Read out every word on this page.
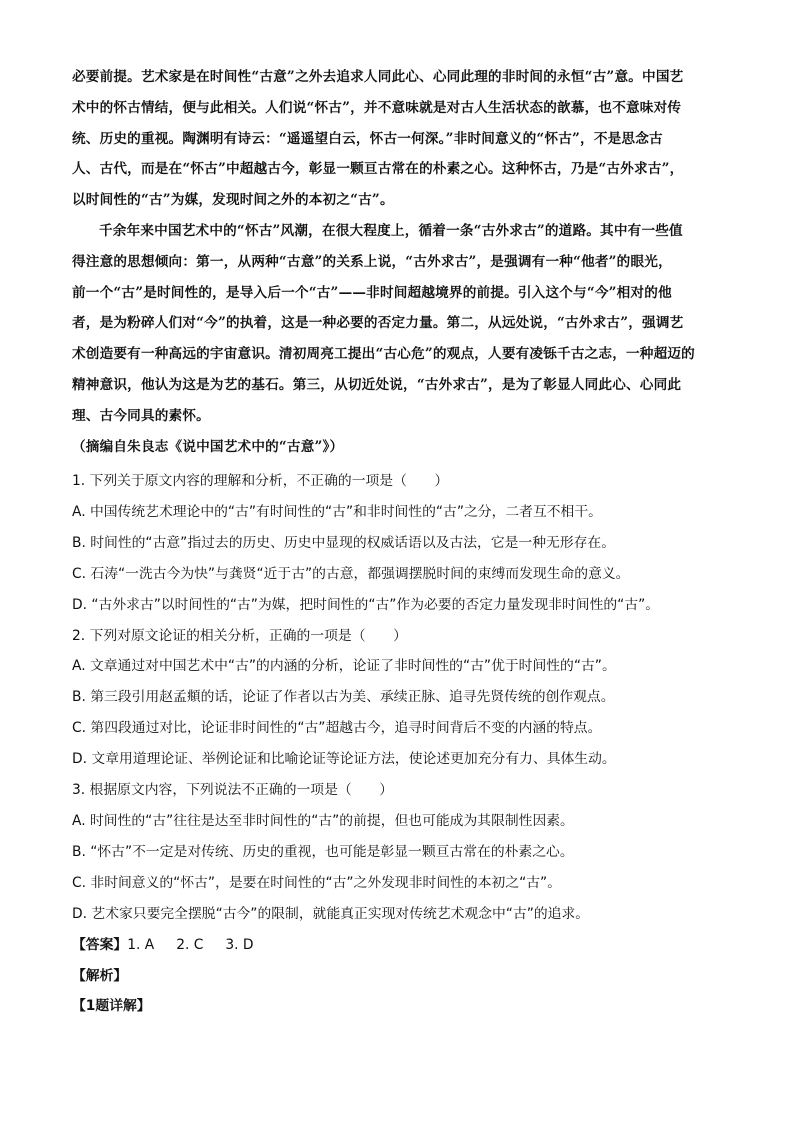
必要前提。艺术家是在时间性“古意”之外去追求人同此心、心同此理的非时间的永恒“古”意。中国艺
术中的怀古情结，便与此相关。人们说“怀古”，并不意味就是对古人生活状态的歆慕，也不意味对传
统、历史的重视。陶渊明有诗云：“遥遥望白云，怀古一何深。”非时间意义的“怀古”，不是思念古
人、古代，而是在“怀古”中超越古今，彰显一颗亘古常在的朴素之心。这种怀古，乃是“古外求古”，
以时间性的“古”为媒，发现时间之外的本初之“古”。

千余年来中国艺术中的“怀古”风潮，在很大程度上，循着一条“古外求古”的道路。其中有一些值
得注意的思想倾向：第一，从两种“古意”的关系上说，“古外求古”，是强调有一种“他者”的眼光，
前一个“古”是时间性的，是导入后一个“古”——非时间超越境界的前提。引入这个与“今”相对的他
者，是为粉碎人们对“今”的执着，这是一种必要的否定力量。第二，从远处说，“古外求古”，强调艺
术创造要有一种高远的宇宙意识。清初周亮工提出“古心危”的观点，人要有凌铄千古之志，一种超迈的
精神意识，他认为这是为艺的基石。第三，从切近处说，“古外求古”，是为了彰显人同此心、心同此
理、古今同具的素怀。

（摘编自朱良志《说中国艺术中的“古意”》）

1. 下列关于原文内容的理解和分析，不正确的一项是（　　）

A. 中国传统艺术理论中的“古”有时间性的“古”和非时间性的“古”之分，二者互不相干。

B. 时间性的“古意”指过去的历史、历史中显现的权威话语以及古法，它是一种无形存在。

C. 石涛“一洗古今为快”与龚贤“近于古”的古意，都强调摆脱时间的束缚而发现生命的意义。

D. “古外求古”以时间性的“古”为媒，把时间性的“古”作为必要的否定力量发现非时间性的“古”。

2. 下列对原文论证的相关分析，正确的一项是（　　）

A. 文章通过对中国艺术中“古”的内涵的分析，论证了非时间性的“古”优于时间性的“古”。

B. 第三段引用赵孟頫的话，论证了作者以古为美、承续正脉、追寻先贤传统的创作观点。

C. 第四段通过对比，论证非时间性的“古”超越古今，追寻时间背后不变的内涵的特点。

D. 文章用道理论证、举例论证和比喻论证等论证方法，使论述更加充分有力、具体生动。

3. 根据原文内容，下列说法不正确的一项是（　　）

A. 时间性的“古”往往是达至非时间性的“古”的前提，但也可能成为其限制性因素。

B. “怀古”不一定是对传统、历史的重视，也可能是彰显一颗亘古常在的朴素之心。

C. 非时间意义的“怀古”，是要在时间性的“古”之外发现非时间性的本初之“古”。

D. 艺术家只要完全摆脱“古今”的限制，就能真正实现对传统艺术观念中“古”的追求。

【答案】1. A 2. C 3. D

【解析】

【1题详解】
